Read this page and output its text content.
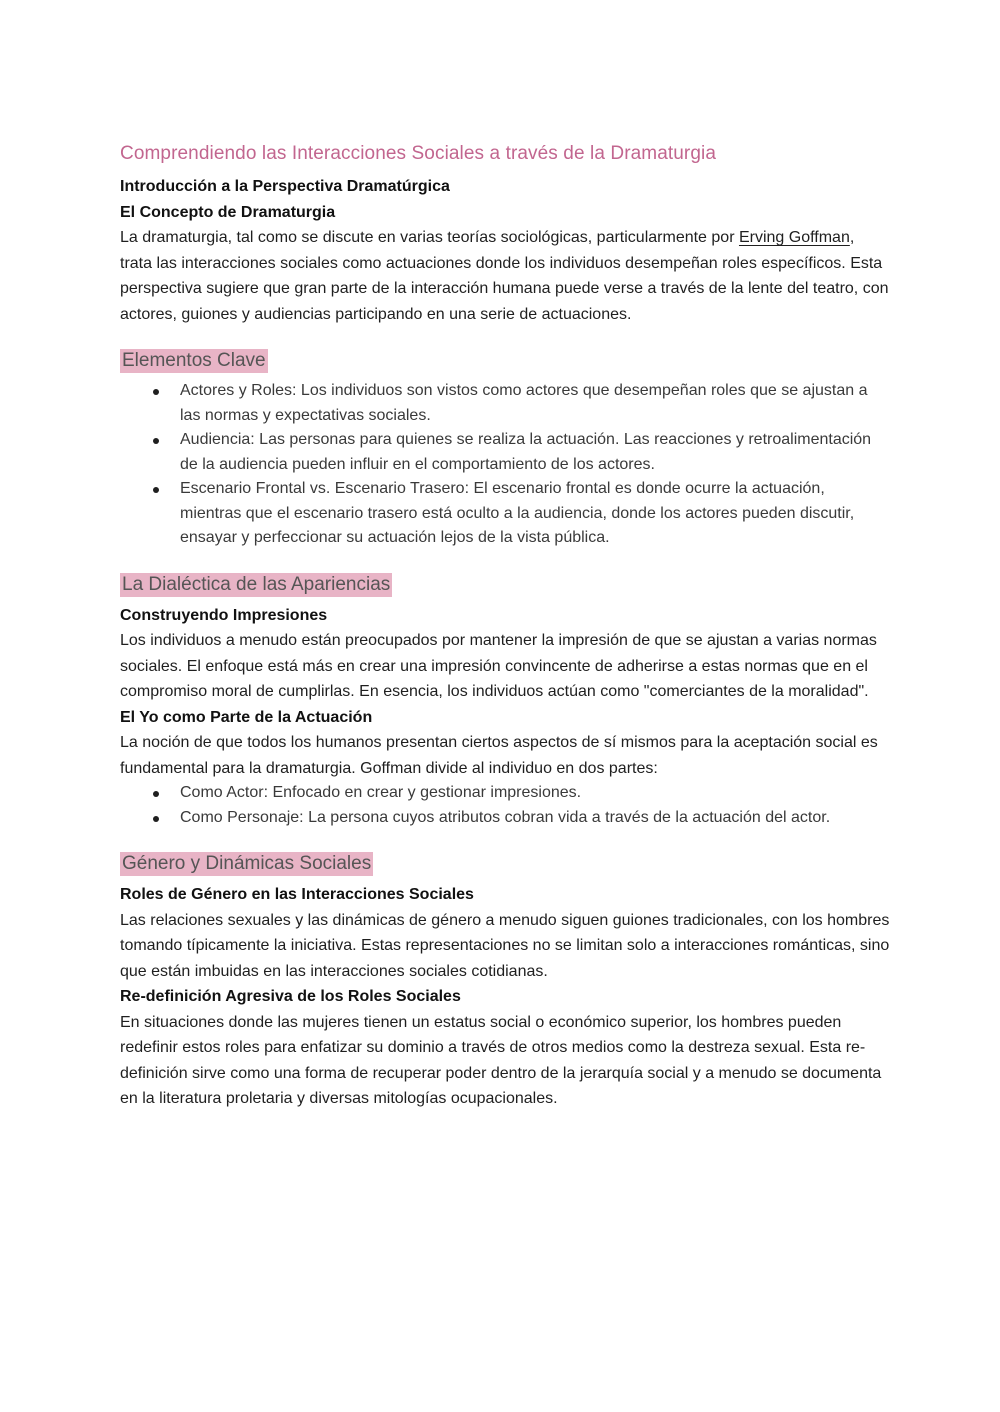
Comprendiendo las Interacciones Sociales a través de la Dramaturgia

Introducción a la Perspectiva Dramatúrgica

El Concepto de Dramaturgia

La dramaturgia, tal como se discute en varias teorías sociológicas, particularmente por Erving Goffman, trata las interacciones sociales como actuaciones donde los individuos desempeñan roles específicos. Esta perspectiva sugiere que gran parte de la interacción humana puede verse a través de la lente del teatro, con actores, guiones y audiencias participando en una serie de actuaciones.

Elementos Clave
Actores y Roles: Los individuos son vistos como actores que desempeñan roles que se ajustan a las normas y expectativas sociales.
Audiencia: Las personas para quienes se realiza la actuación. Las reacciones y retroalimentación de la audiencia pueden influir en el comportamiento de los actores.
Escenario Frontal vs. Escenario Trasero: El escenario frontal es donde ocurre la actuación, mientras que el escenario trasero está oculto a la audiencia, donde los actores pueden discutir, ensayar y perfeccionar su actuación lejos de la vista pública.
La Dialéctica de las Apariencias

Construyendo Impresiones

Los individuos a menudo están preocupados por mantener la impresión de que se ajustan a varias normas sociales. El enfoque está más en crear una impresión convincente de adherirse a estas normas que en el compromiso moral de cumplirlas. En esencia, los individuos actúan como "comerciantes de la moralidad".

El Yo como Parte de la Actuación

La noción de que todos los humanos presentan ciertos aspectos de sí mismos para la aceptación social es fundamental para la dramaturgia. Goffman divide al individuo en dos partes:

Como Actor: Enfocado en crear y gestionar impresiones.
Como Personaje: La persona cuyos atributos cobran vida a través de la actuación del actor.
Género y Dinámicas Sociales

Roles de Género en las Interacciones Sociales

Las relaciones sexuales y las dinámicas de género a menudo siguen guiones tradicionales, con los hombres tomando típicamente la iniciativa. Estas representaciones no se limitan solo a interacciones románticas, sino que están imbuidas en las interacciones sociales cotidianas.

Re-definición Agresiva de los Roles Sociales

En situaciones donde las mujeres tienen un estatus social o económico superior, los hombres pueden redefinir estos roles para enfatizar su dominio a través de otros medios como la destreza sexual. Esta re-definición sirve como una forma de recuperar poder dentro de la jerarquía social y a menudo se documenta en la literatura proletaria y diversas mitologías ocupacionales.
